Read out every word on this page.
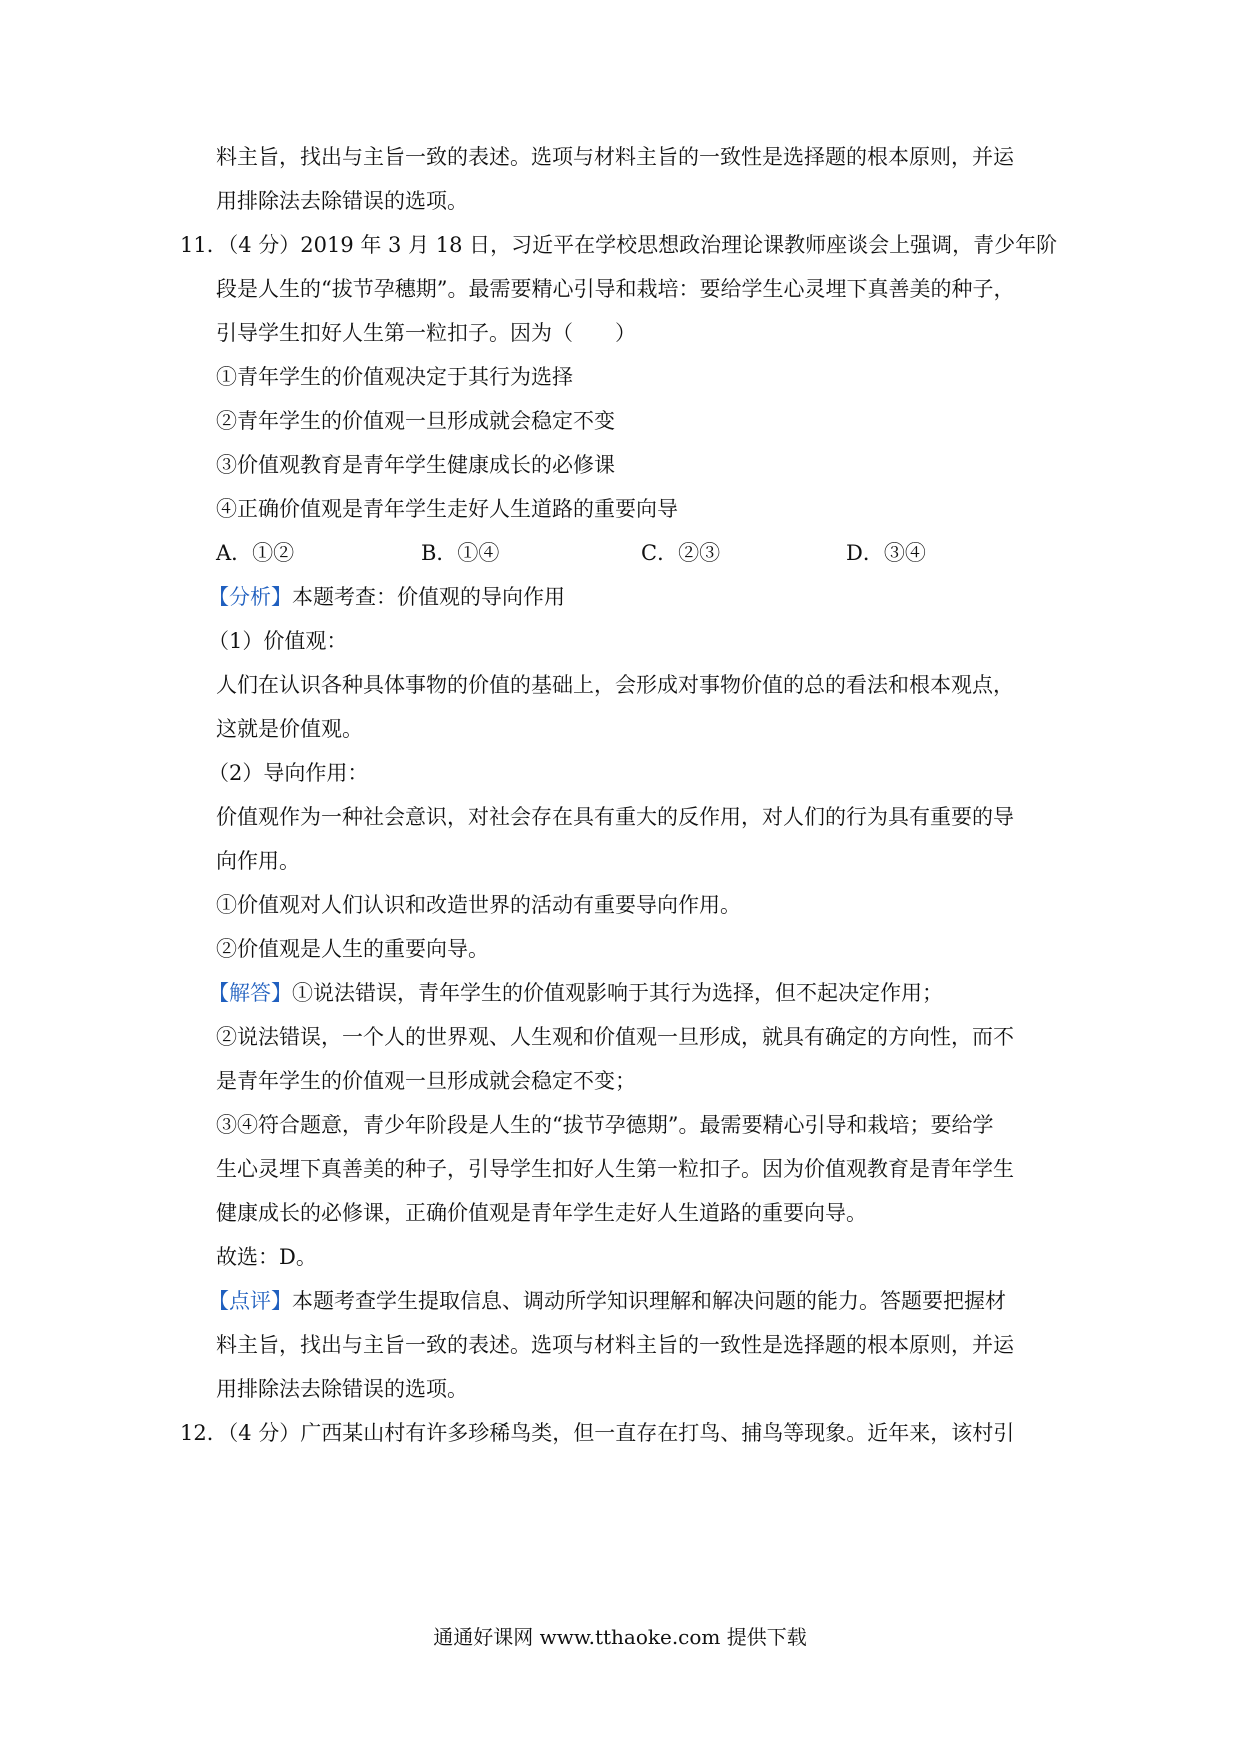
料主旨，找出与主旨一致的表述。选项与材料主旨的一致性是选择题的根本原则，并运
用排除法去除错误的选项。
11．（4 分）2019 年 3 月 18 日，习近平在学校思想政治理论课教师座谈会上强调，青少年阶
段是人生的“拔节孕穗期”。最需要精心引导和栽培：要给学生心灵埋下真善美的种子，
引导学生扣好人生第一粒扣子。因为（　　）
①青年学生的价值观决定于其行为选择
②青年学生的价值观一旦形成就会稳定不变
③价值观教育是青年学生健康成长的必修课
④正确价值观是青年学生走好人生道路的重要向导
A．①②	B．①④	C．②③	D．③④
【分析】本题考查：价值观的导向作用
（1）价值观：
人们在认识各种具体事物的价值的基础上，会形成对事物价值的总的看法和根本观点，
这就是价值观。
（2）导向作用：
价值观作为一种社会意识，对社会存在具有重大的反作用，对人们的行为具有重要的导
向作用。
①价值观对人们认识和改造世界的活动有重要导向作用。
②价值观是人生的重要向导。
【解答】①说法错误，青年学生的价值观影响于其行为选择，但不起决定作用；
②说法错误，一个人的世界观、人生观和价值观一旦形成，就具有确定的方向性，而不
是青年学生的价值观一旦形成就会稳定不变；
③④符合题意，青少年阶段是人生的“拔节孕德期”。最需要精心引导和栽培；要给学
生心灵埋下真善美的种子，引导学生扣好人生第一粒扣子。因为价值观教育是青年学生
健康成长的必修课，正确价值观是青年学生走好人生道路的重要向导。
故选：D。
【点评】本题考查学生提取信息、调动所学知识理解和解决问题的能力。答题要把握材
料主旨，找出与主旨一致的表述。选项与材料主旨的一致性是选择题的根本原则，并运
用排除法去除错误的选项。
12．（4 分）广西某山村有许多珍稀鸟类，但一直存在打鸟、捕鸟等现象。近年来，该村引
通通好课网 www.tthaoke.com 提供下载
